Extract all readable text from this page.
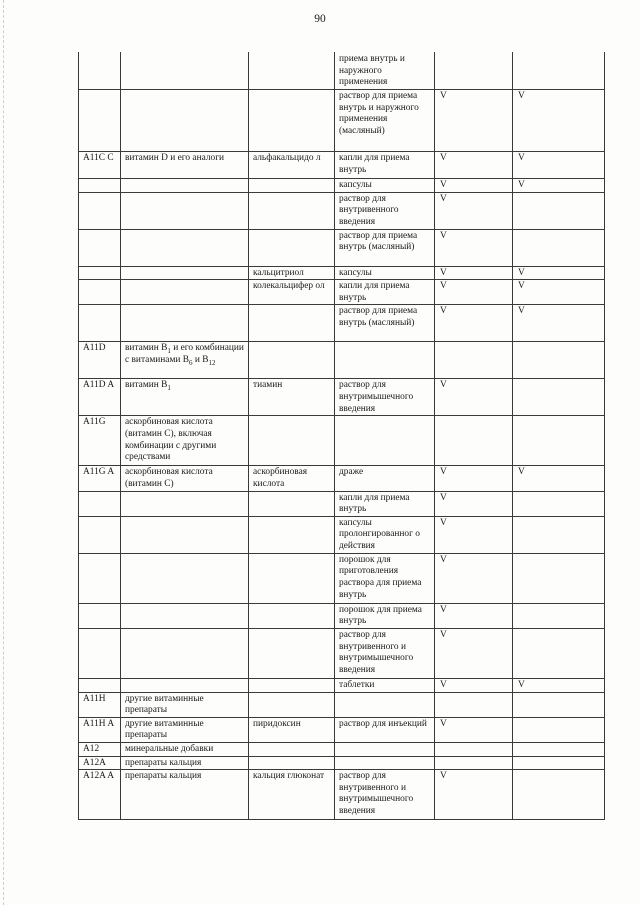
90
			приема внутрь и наружного применения		
			раствор для приема внутрь и наружного применения (масляный)	V	V
A11C C	витамин D и его аналоги	альфакальцидо л	капли для приема внутрь	V	V
			капсулы	V	V
			раствор для внутривенного введения	V	
			раствор для приема внутрь (масляный)	V	
		кальцитриол	капсулы	V	V
		колекальцифер ол	капли для приема внутрь	V	V
			раствор для приема внутрь (масляный)	V	V
A11D	витамин $B_1$ и его комбинации с витаминами $B_6$ и $B_{12}$				
A11D A	витамин $B_1$	тиамин	раствор для внутримышечного введения	V	
A11G	аскорбиновая кислота (витамин C), включая комбинации с другими средствами				
A11G A	аскорбиновая кислота (витамин C)	аскорбиновая кислота	драже	V	V
			капли для приема внутрь	V	
			капсулы пролонгированног о действия	V	
			порошок для приготовления раствора для приема внутрь	V	
			порошок для приема внутрь	V	
			раствор для внутривенного и внутримышечного введения	V	
			таблетки	V	V
A11H	другие витаминные препараты				
A11H A	другие витаминные препараты	пиридоксин	раствор для инъекций	V	
A12	минеральные добавки				
A12A	препараты кальция				
A12A A	препараты кальция	кальция глюконат	раствор для внутривенного и внутримышечного введения	V	
